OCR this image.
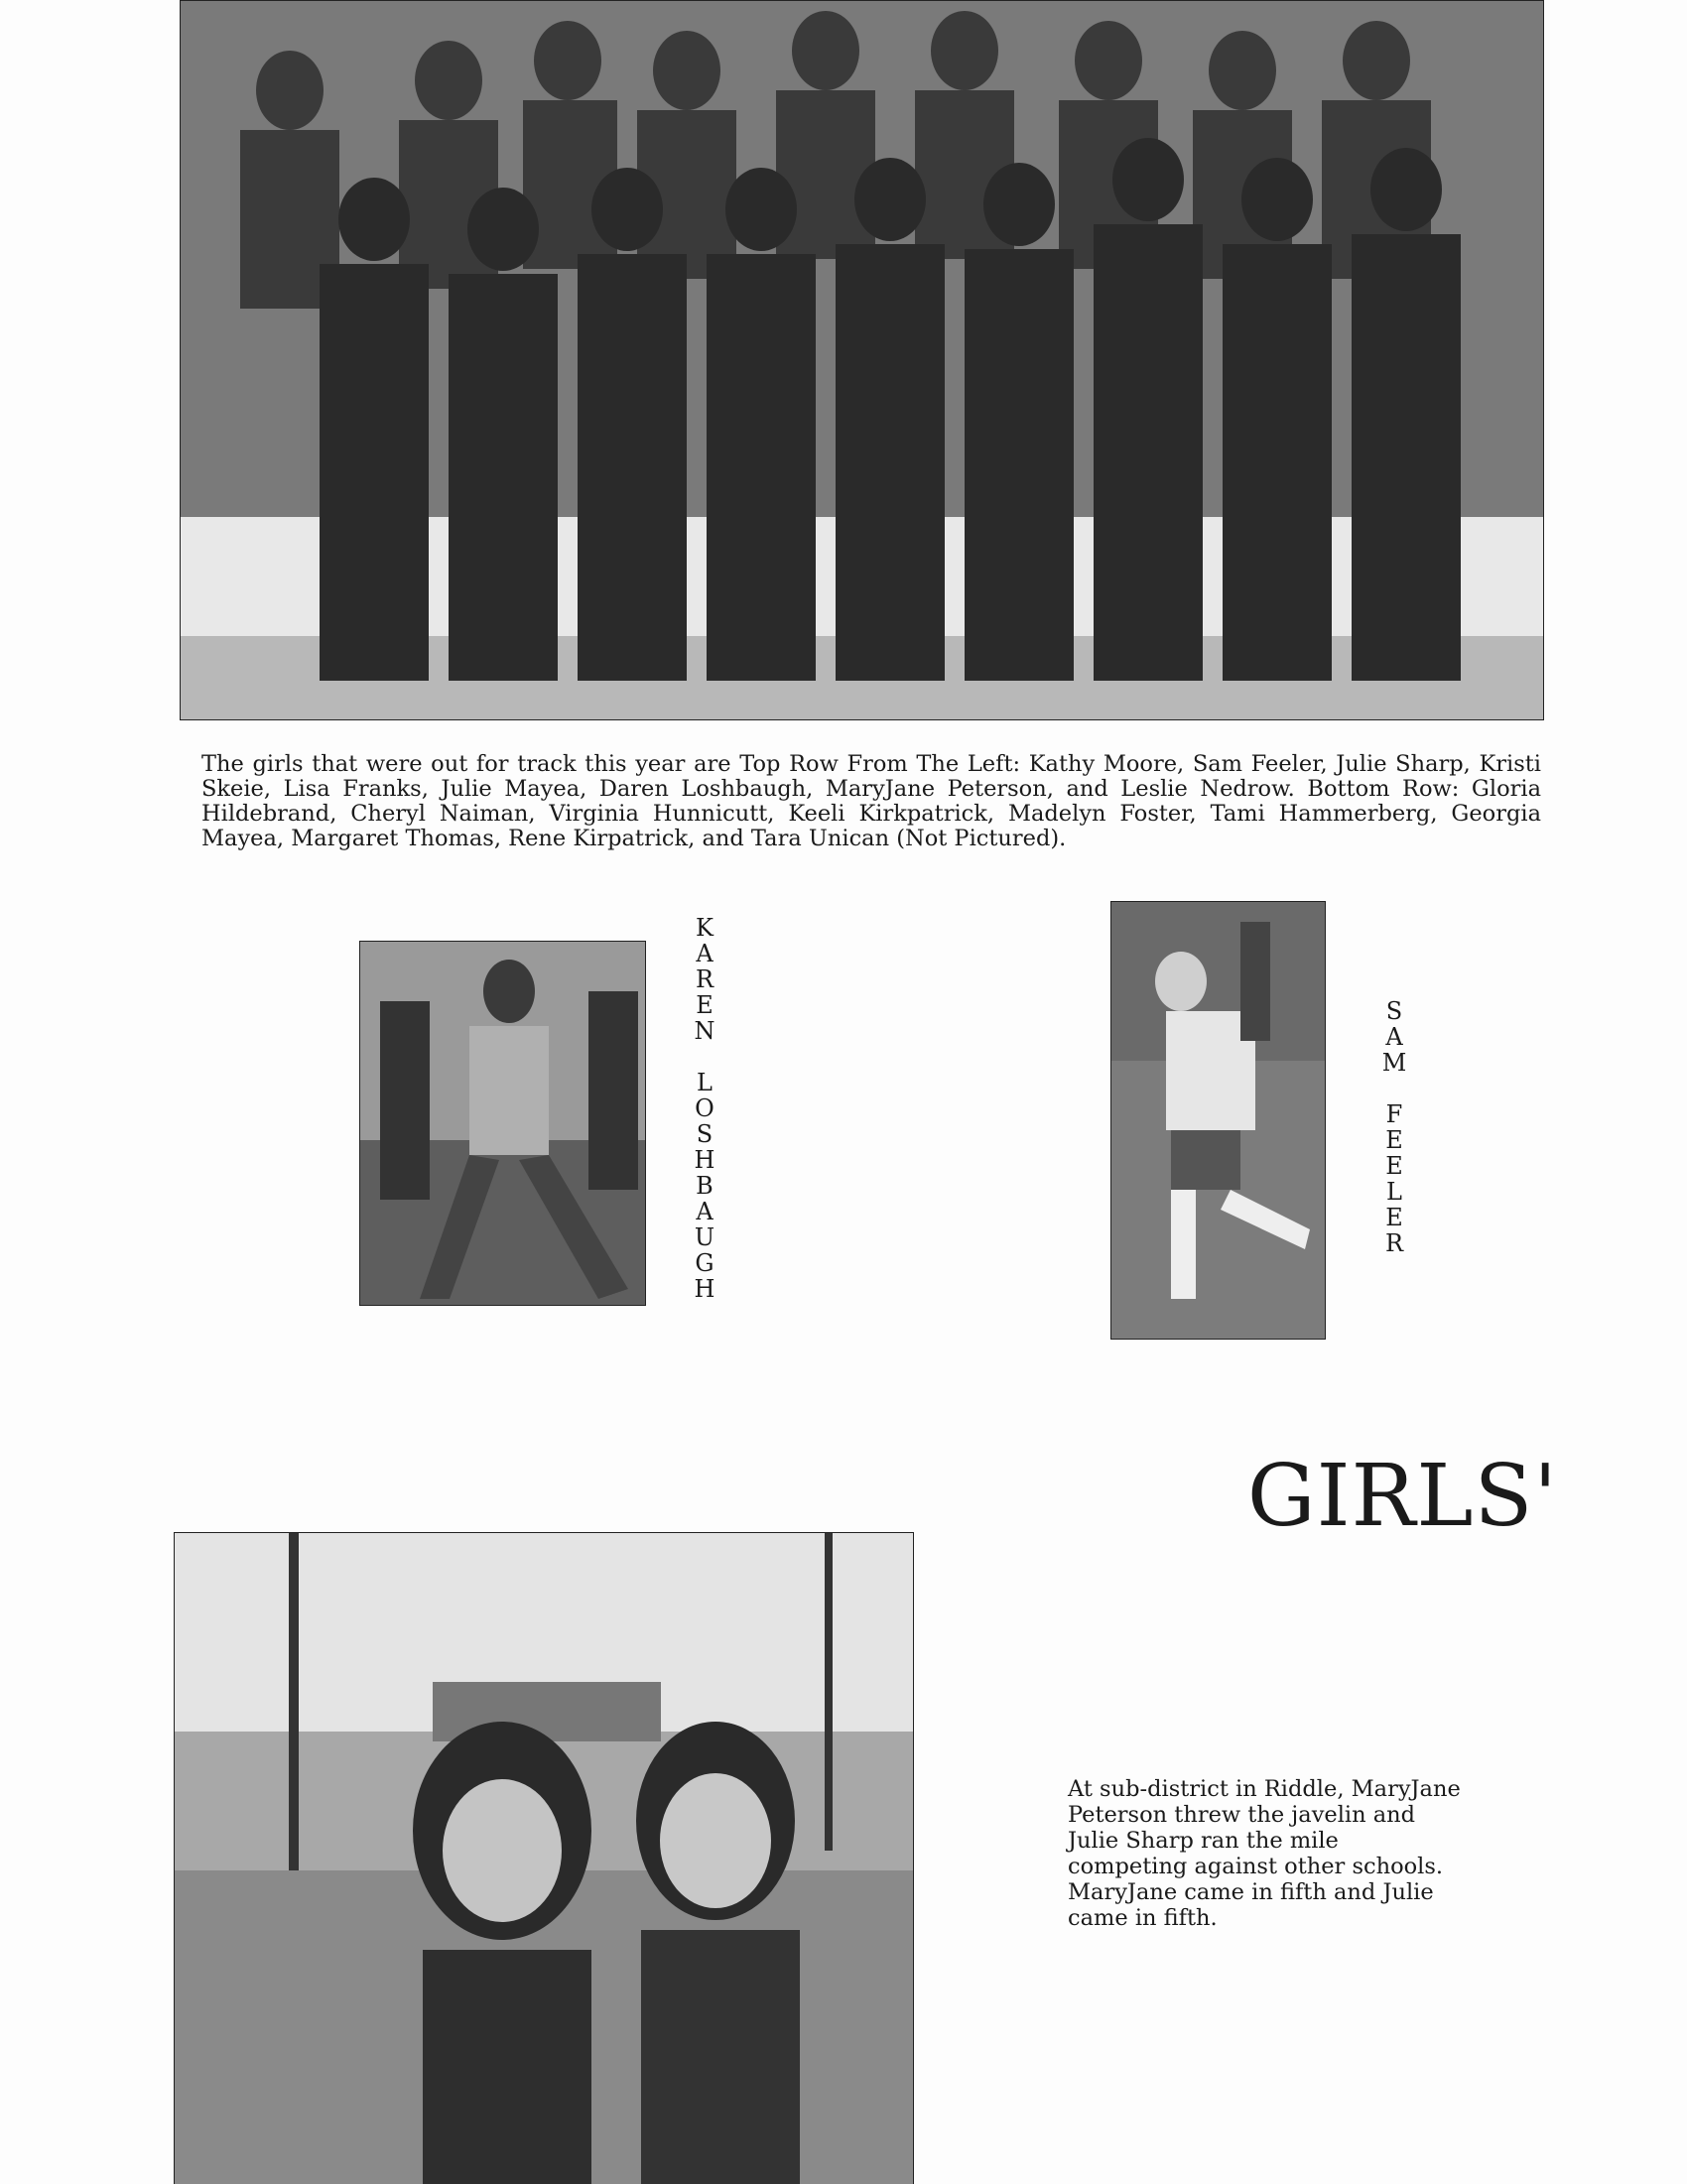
The girls that were out for track this year are Top Row From The Left: Kathy Moore, Sam Feeler, Julie Sharp, Kristi Skeie, Lisa Franks, Julie Mayea, Daren Loshbaugh, MaryJane Peterson, and Leslie Nedrow. Bottom Row: Gloria Hildebrand, Cheryl Naiman, Virginia Hunnicutt, Keeli Kirkpatrick, Madelyn Foster, Tami Hammerberg, Georgia Mayea, Margaret Thomas, Rene Kirpatrick, and Tara Unican (Not Pictured).

K
A
R
E
N
L
O
S
H
B
A
U
G
H
S
A
M
F
E
E
L
E
R
GIRLS'

At sub-district in Riddle, MaryJane Peterson threw the javelin and Julie Sharp ran the mile competing against other schools. MaryJane came in fifth and Julie came in fifth.
